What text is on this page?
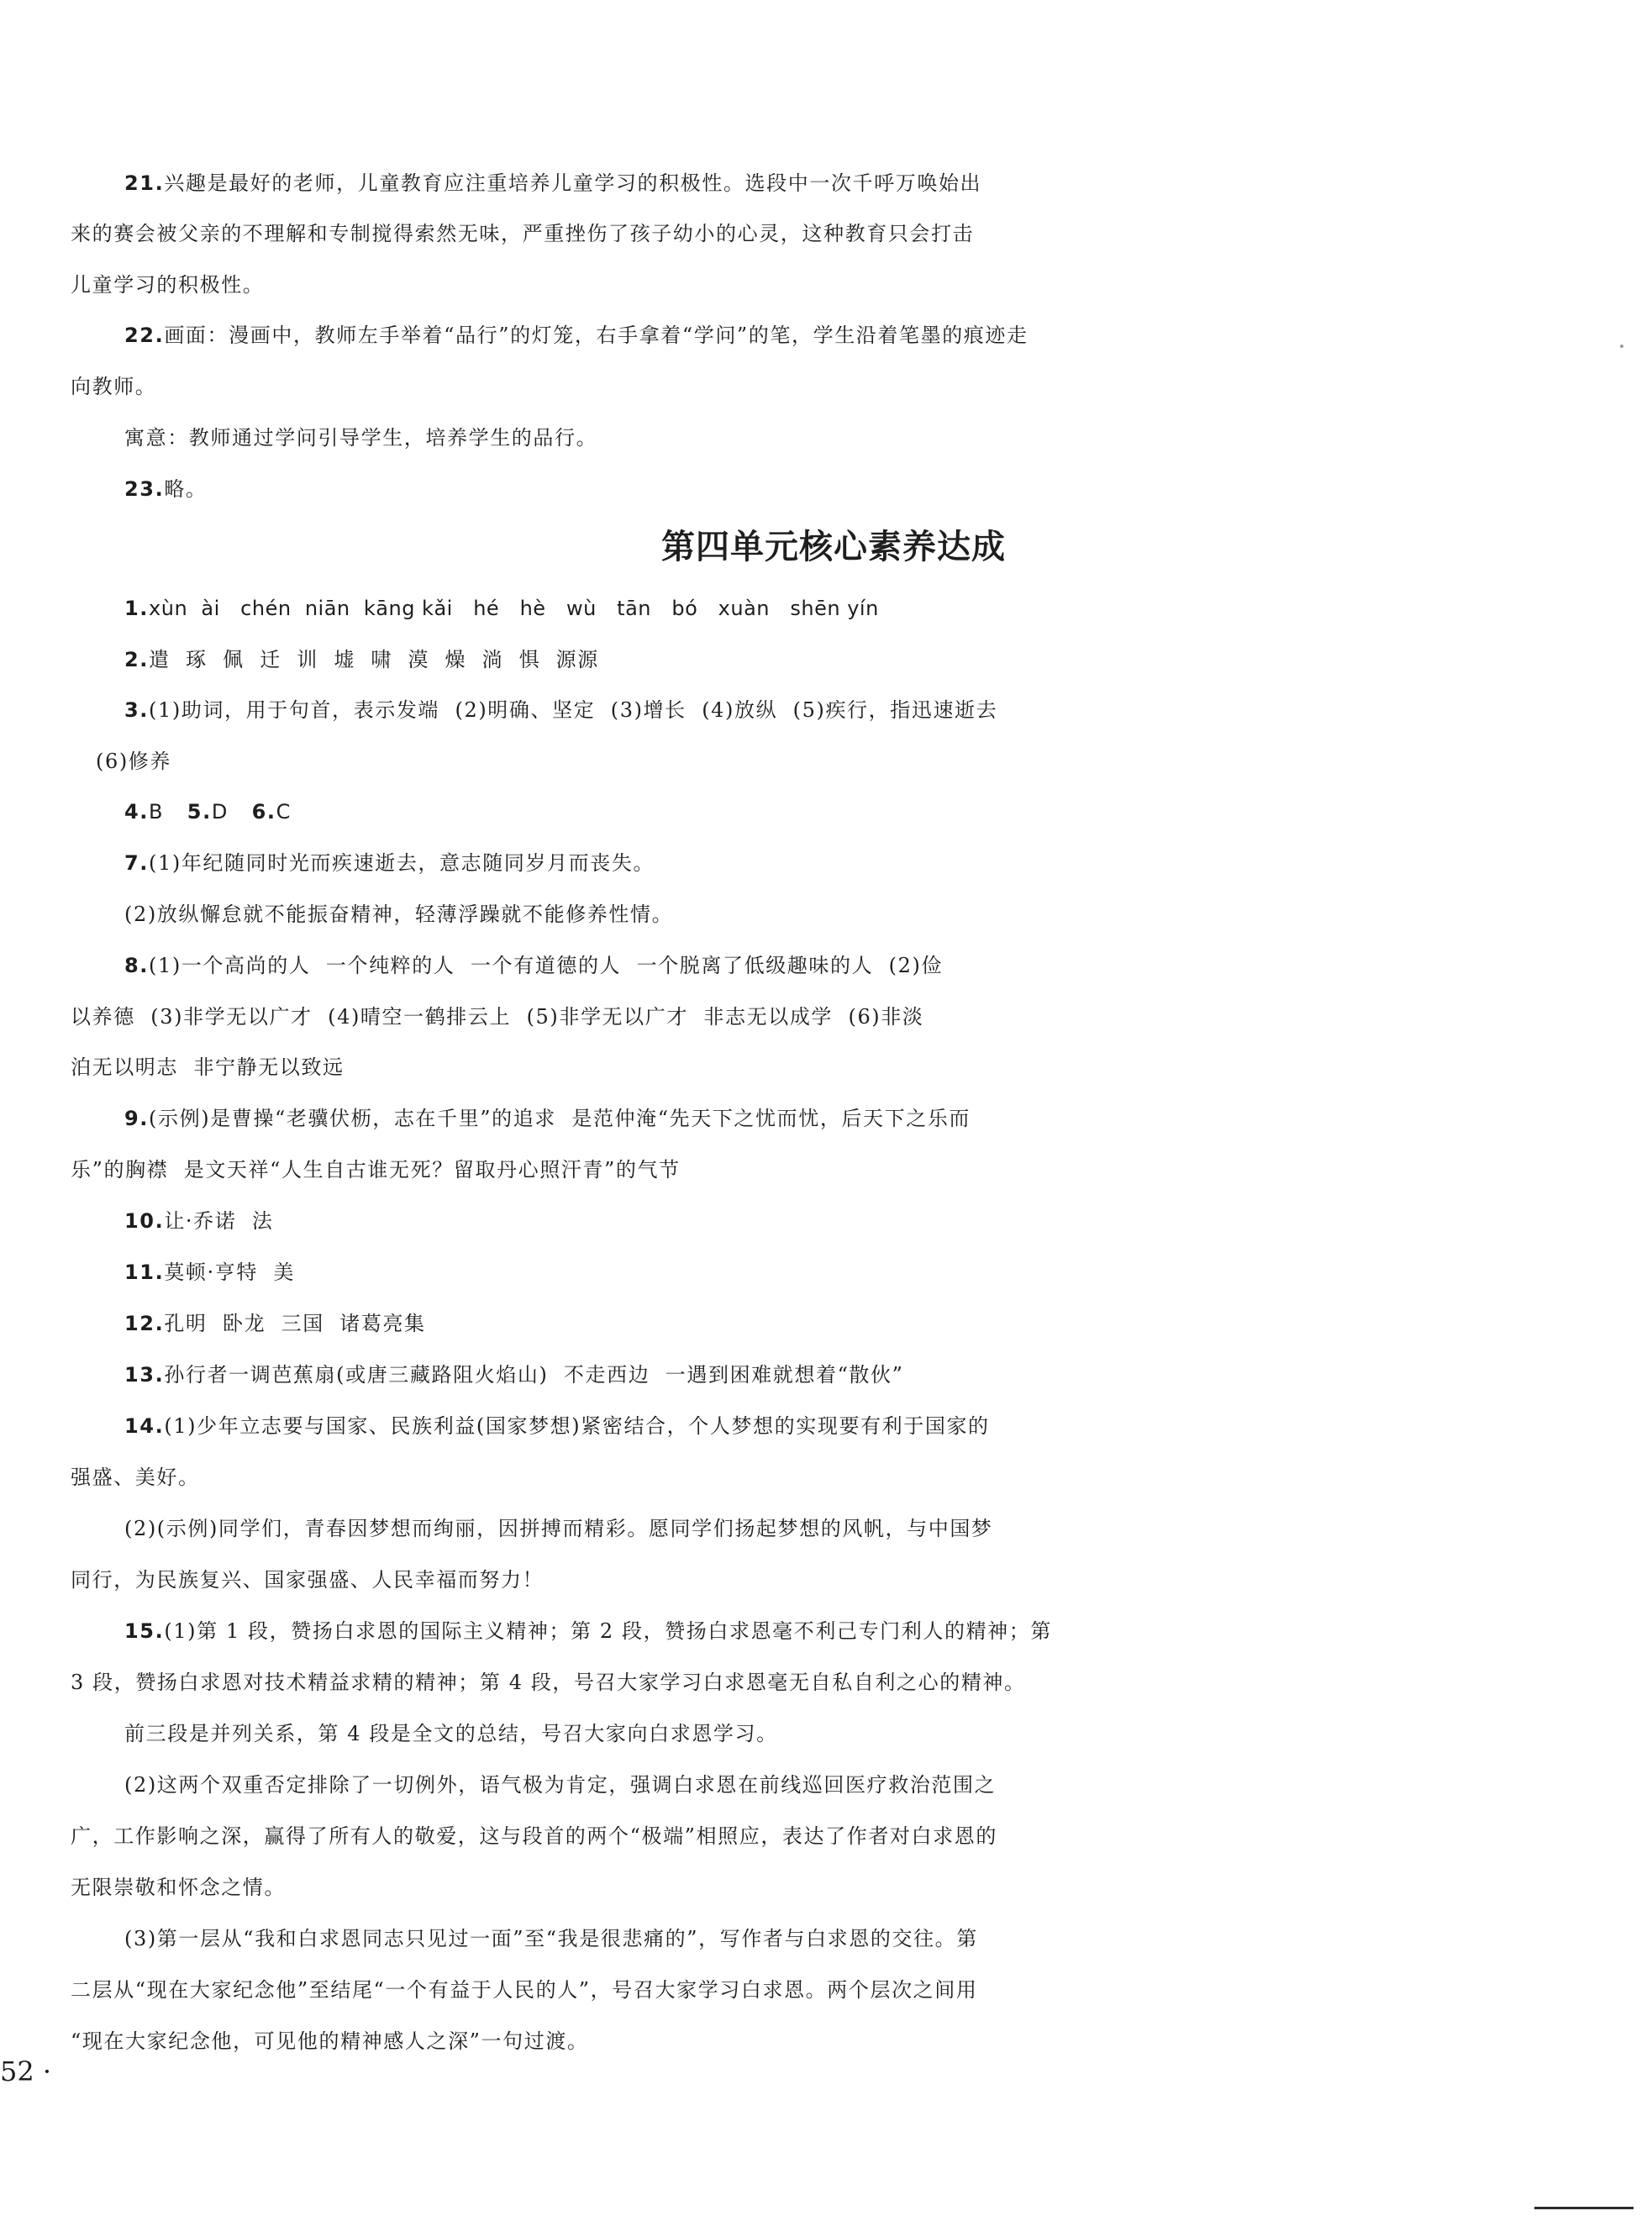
21.兴趣是最好的老师，儿童教育应注重培养儿童学习的积极性。选段中一次千呼万唤始出
来的赛会被父亲的不理解和专制搅得索然无味，严重挫伤了孩子幼小的心灵，这种教育只会打击
儿童学习的积极性。
22.画面：漫画中，教师左手举着“品行”的灯笼，右手拿着“学问”的笔，学生沿着笔墨的痕迹走
向教师。
寓意：教师通过学问引导学生，培养学生的品行。
23.略。
第四单元核心素养达成
1.xùn  ài   chén  niān  kāng kǎi   hé   hè   wù   tān   bó   xuàn   shēn yín
2.遣  琢  佩  迁  训  墟  啸  漠  燥  淌  惧  源源
3.(1)助词，用于句首，表示发端  (2)明确、坚定  (3)增长  (4)放纵  (5)疾行，指迅速逝去
(6)修养
4.B 5.D 6.C
7.(1)年纪随同时光而疾速逝去，意志随同岁月而丧失。
(2)放纵懈怠就不能振奋精神，轻薄浮躁就不能修养性情。
8.(1)一个高尚的人  一个纯粹的人  一个有道德的人  一个脱离了低级趣味的人  (2)俭
以养德  (3)非学无以广才  (4)晴空一鹤排云上  (5)非学无以广才  非志无以成学  (6)非淡
泊无以明志  非宁静无以致远
9.(示例)是曹操“老骥伏枥，志在千里”的追求  是范仲淹“先天下之忧而忧，后天下之乐而
乐”的胸襟  是文天祥“人生自古谁无死？留取丹心照汗青”的气节
10.让·乔诺  法
11.莫顿·亨特  美
12.孔明  卧龙  三国  诸葛亮集
13.孙行者一调芭蕉扇(或唐三藏路阻火焰山)  不走西边  一遇到困难就想着“散伙”
14.(1)少年立志要与国家、民族利益(国家梦想)紧密结合，个人梦想的实现要有利于国家的
强盛、美好。
(2)(示例)同学们，青春因梦想而绚丽，因拼搏而精彩。愿同学们扬起梦想的风帆，与中国梦
同行，为民族复兴、国家强盛、人民幸福而努力！
15.(1)第 1 段，赞扬白求恩的国际主义精神；第 2 段，赞扬白求恩毫不利己专门利人的精神；第
3 段，赞扬白求恩对技术精益求精的精神；第 4 段，号召大家学习白求恩毫无自私自利之心的精神。
前三段是并列关系，第 4 段是全文的总结，号召大家向白求恩学习。
(2)这两个双重否定排除了一切例外，语气极为肯定，强调白求恩在前线巡回医疗救治范围之
广，工作影响之深，赢得了所有人的敬爱，这与段首的两个“极端”相照应，表达了作者对白求恩的
无限崇敬和怀念之情。
(3)第一层从“我和白求恩同志只见过一面”至“我是很悲痛的”，写作者与白求恩的交往。第
二层从“现在大家纪念他”至结尾“一个有益于人民的人”，号召大家学习白求恩。两个层次之间用
“现在大家纪念他，可见他的精神感人之深”一句过渡。
52 ·
